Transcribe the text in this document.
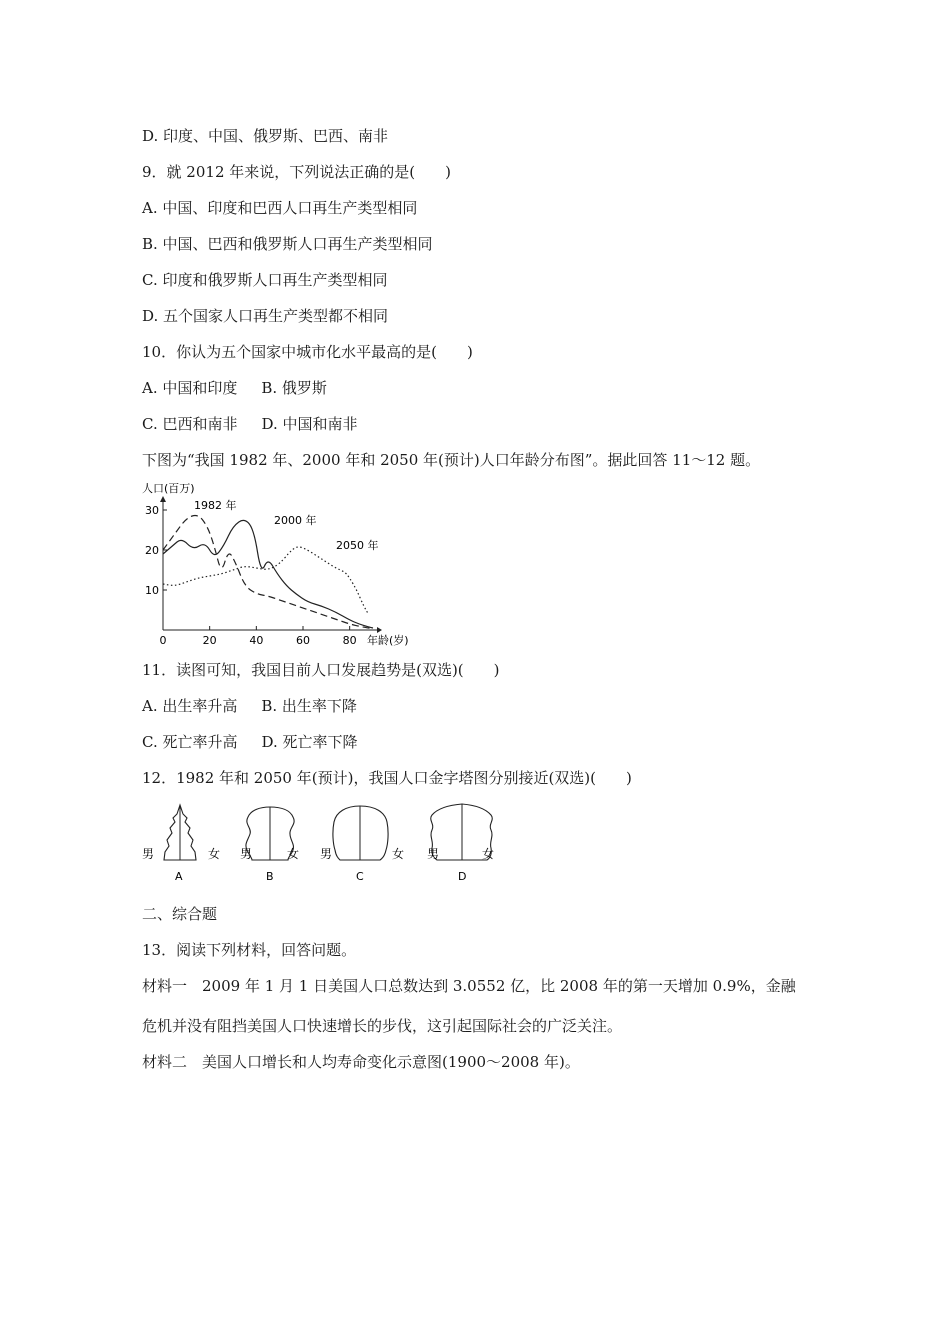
D. 印度、中国、俄罗斯、巴西、南非
9．就 2012 年来说，下列说法正确的是(　　)
A. 中国、印度和巴西人口再生产类型相同
B. 中国、巴西和俄罗斯人口再生产类型相同
C. 印度和俄罗斯人口再生产类型相同
D. 五个国家人口再生产类型都不相同
10．你认为五个国家中城市化水平最高的是(　　)
A. 中国和印度 B. 俄罗斯
C. 巴西和南非 D. 中国和南非
下图为“我国 1982 年、2000 年和 2050 年(预计)人口年龄分布图”。据此回答 11～12 题。
10
20
30
0	20	40	60	80
人口(百万)
年龄(岁)
1982 年
2000 年
2050 年
11．读图可知，我国目前人口发展趋势是(双选)(　　)
A. 出生率升高 B. 出生率下降
C. 死亡率升高 D. 死亡率下降
12．1982 年和 2050 年(预计)，我国人口金字塔图分别接近(双选)(　　)
男	女
A
男	女
B
男	女
C
男	女
D
二、综合题
13．阅读下列材料，回答问题。
材料一　2009 年 1 月 1 日美国人口总数达到 3.0552 亿，比 2008 年的第一天增加 0.9%，金融
危机并没有阻挡美国人口快速增长的步伐，这引起国际社会的广泛关注。
材料二　美国人口增长和人均寿命变化示意图(1900～2008 年)。
